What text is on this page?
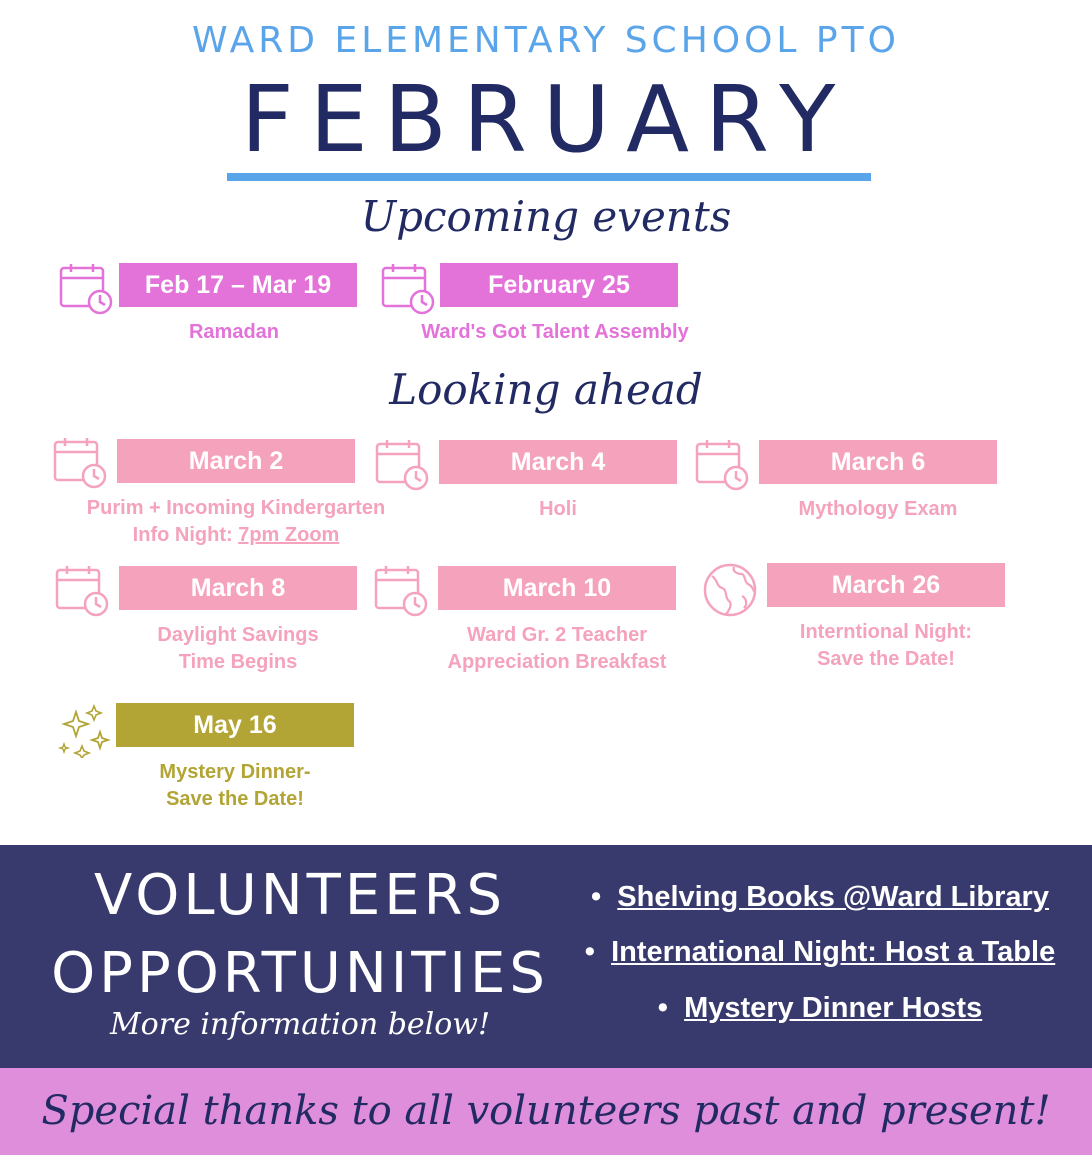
WARD ELEMENTARY SCHOOL PTO
FEBRUARY
Upcoming events
Feb 17 – Mar 19
Ramadan
February 25
Ward's Got Talent Assembly
Looking ahead
March 2
Purim + Incoming Kindergarten
Info Night: 7pm Zoom
March 4
Holi
March 6
Mythology Exam
March 8
Daylight Savings
Time Begins
March 10
Ward Gr. 2 Teacher
Appreciation Breakfast
March 26
Interntional Night:
Save the Date!
May 16
Mystery Dinner-
Save the Date!
VOLUNTEERS
OPPORTUNITIES
More information below!
•  Shelving Books @Ward Library
•  International Night: Host a Table
•  Mystery Dinner Hosts
Special thanks to all volunteers past and present!
